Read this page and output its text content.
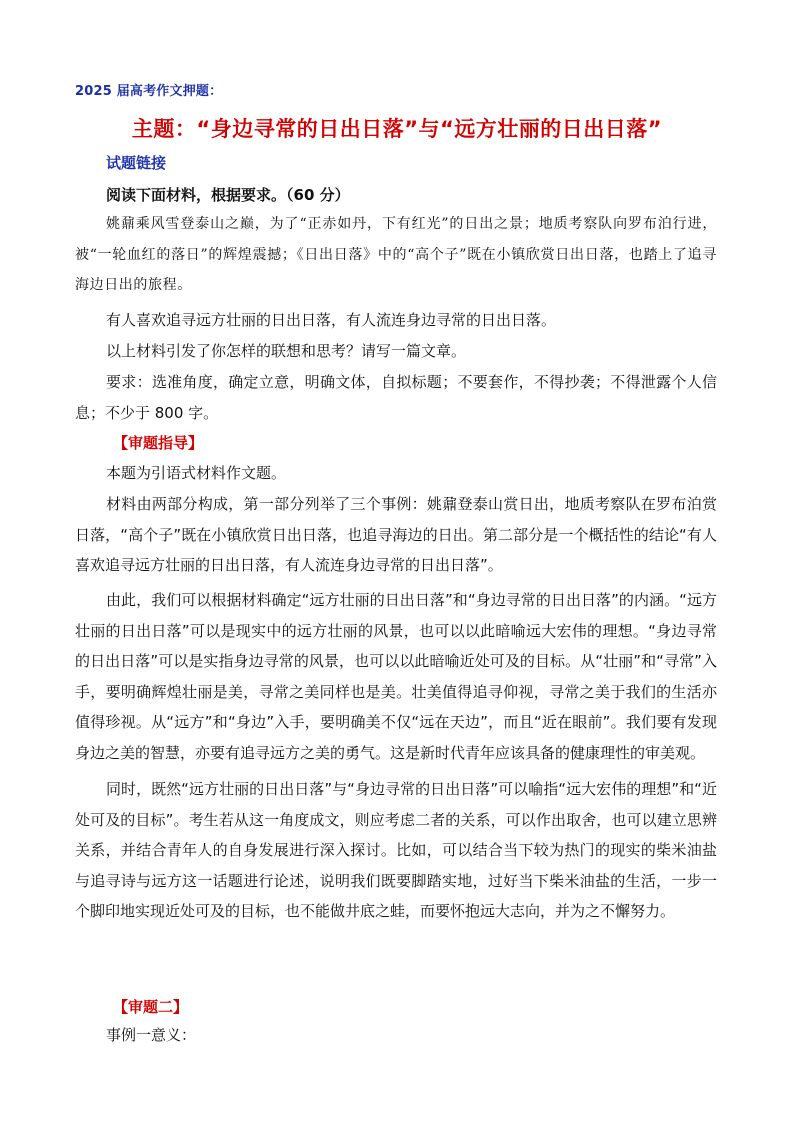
2025 届高考作文押题：
主题：“身边寻常的日出日落”与“远方壮丽的日出日落”
试题链接
阅读下面材料，根据要求。（60 分）

姚鼐乘风雪登泰山之巅，为了“正赤如丹，下有红光”的日出之景；地质考察队向罗布泊行进，被“一轮血红的落日”的辉煌震撼；《日出日落》中的“高个子”既在小镇欣赏日出日落，也踏上了追寻海边日出的旅程。

有人喜欢追寻远方壮丽的日出日落，有人流连身边寻常的日出日落。

以上材料引发了你怎样的联想和思考？请写一篇文章。

要求：选准角度，确定立意，明确文体，自拟标题；不要套作，不得抄袭；不得泄露个人信息；不少于 800 字。

【审题指导】

本题为引语式材料作文题。

材料由两部分构成，第一部分列举了三个事例：姚鼐登泰山赏日出，地质考察队在罗布泊赏日落，“高个子”既在小镇欣赏日出日落，也追寻海边的日出。第二部分是一个概括性的结论“有人喜欢追寻远方壮丽的日出日落，有人流连身边寻常的日出日落”。

由此，我们可以根据材料确定“远方壮丽的日出日落”和“身边寻常的日出日落”的内涵。“远方壮丽的日出日落”可以是现实中的远方壮丽的风景，也可以以此暗喻远大宏伟的理想。“身边寻常的日出日落”可以是实指身边寻常的风景，也可以以此暗喻近处可及的目标。从“壮丽”和“寻常”入手，要明确辉煌壮丽是美，寻常之美同样也是美。壮美值得追寻仰视，寻常之美于我们的生活亦值得珍视。从“远方”和“身边”入手，要明确美不仅“远在天边”，而且“近在眼前”。我们要有发现身边之美的智慧，亦要有追寻远方之美的勇气。这是新时代青年应该具备的健康理性的审美观。

同时，既然“远方壮丽的日出日落”与“身边寻常的日出日落”可以喻指“远大宏伟的理想”和“近处可及的目标”。考生若从这一角度成文，则应考虑二者的关系，可以作出取舍，也可以建立思辨关系，并结合青年人的自身发展进行深入探讨。比如，可以结合当下较为热门的现实的柴米油盐与追寻诗与远方这一话题进行论述，说明我们既要脚踏实地，过好当下柴米油盐的生活，一步一个脚印地实现近处可及的目标，也不能做井底之蛙，而要怀抱远大志向，并为之不懈努力。

【审题二】

事例一意义：
